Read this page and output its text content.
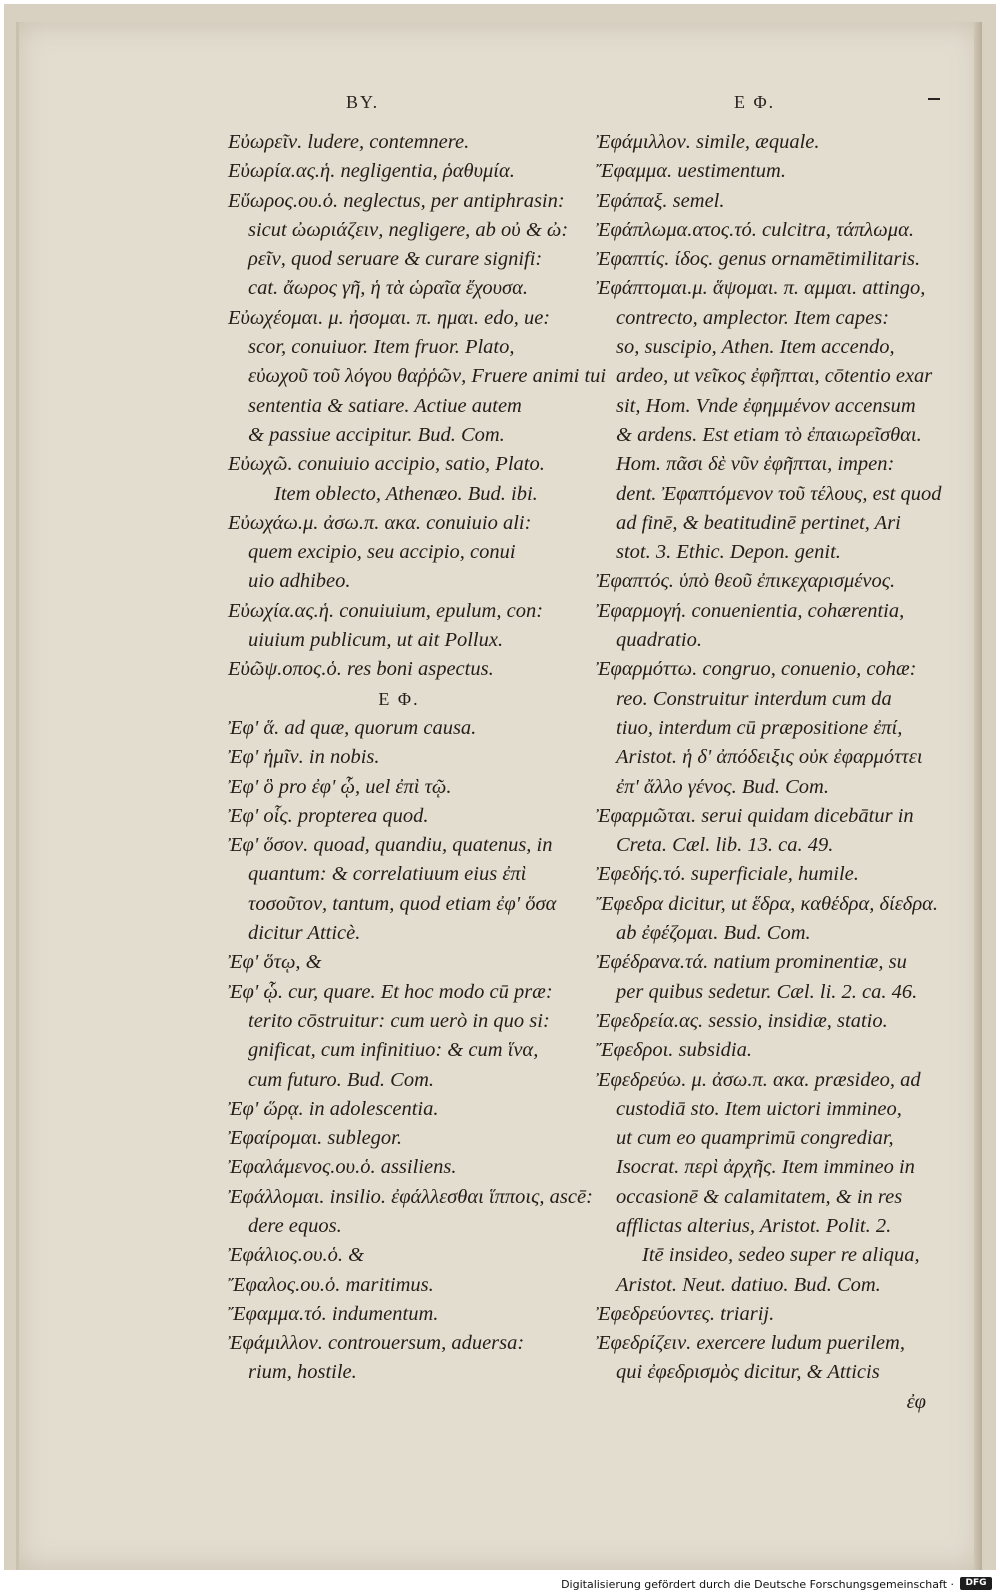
BY.	Ε Φ.
Εὐωρεῖν. ludere, contemnere.
Εὐωρία.ας.ἡ. negligentia, ῥαθυμία.
Εὔωρος.ου.ὁ. neglectus, per antiphrasin:
sicut ὠωριάζειν, negligere, ab οὐ & ὠ:
ρεῖν, quod seruare & curare signifi:
cat. ἄωρος γῆ, ἡ τὰ ὡραῖα ἔχουσα.
Εὐωχέομαι. μ. ἠσομαι. π. ημαι. edo, ue:
scor, conuiuor. Item fruor. Plato,
εὐωχοῦ τοῦ λόγου θαῤῥῶν, Fruere animi tui
sententia & satiare. Actiue autem
& passiue accipitur. Bud. Com.
Εὐωχῶ. conuiuio accipio, satio, Plato.
Item oblecto, Athenæo. Bud. ibi.
Εὐωχάω.μ. ἀσω.π. ακα. conuiuio ali:
quem excipio, seu accipio, conui
uio adhibeo.
Εὐωχία.ας.ἡ. conuiuium, epulum, con:
uiuium publicum, ut ait Pollux.
Εὐῶψ.οπος.ὁ. res boni aspectus.
Ε Φ.
Ἐφ' ἅ. ad quæ, quorum causa.
Ἐφ' ἡμῖν. in nobis.
Ἐφ' ὃ pro ἐφ' ᾧ, uel ἐπὶ τῷ.
Ἐφ' οἷς. propterea quod.
Ἐφ' ὅσον. quoad, quandiu, quatenus, in
quantum: & correlatiuum eius ἐπὶ
τοσοῦτον, tantum, quod etiam ἐφ' ὅσα
dicitur Atticè.
Ἐφ' ὅτῳ, &
Ἐφ' ᾧ. cur, quare. Et hoc modo cū præ:
terito cōstruitur: cum uerò in quo si:
gnificat, cum infinitiuo: & cum ἵνα,
cum futuro. Bud. Com.
Ἐφ' ὥρᾳ. in adolescentia.
Ἐφαίρομαι. sublegor.
Ἐφαλάμενος.ου.ὁ. assiliens.
Ἐφάλλομαι. insilio. ἐφάλλεσθαι ἵπποις, ascē:
dere equos.
Ἐφάλιος.ου.ὁ. &
Ἔφαλος.ου.ὁ. maritimus.
Ἔφαμμα.τό. indumentum.
Ἐφάμιλλον. controuersum, aduersa:
rium, hostile.
Ἐφάμιλλον. simile, æquale.
Ἔφαμμα. uestimentum.
Ἐφάπαξ. semel.
Ἐφάπλωμα.ατος.τό. culcitra, τάπλωμα.
Ἐφαπτίς. ίδος. genus ornamētimilitaris.
Ἐφάπτομαι.μ. ἅψομαι. π. αμμαι. attingo,
contrecto, amplector. Item capes:
so, suscipio, Athen. Item accendo,
ardeo, ut νεῖκος ἐφῆπται, cōtentio exar
sit, Hom. Vnde ἐφημμένον accensum
& ardens. Est etiam τὸ ἐπαιωρεῖσθαι.
Hom. πᾶσι δὲ νῦν ἐφῆπται, impen:
dent. Ἐφαπτόμενον τοῦ τέλους, est quod
ad finē, & beatitudinē pertinet, Ari
stot. 3. Ethic. Depon. genit.
Ἐφαπτός. ὑπὸ θεοῦ ἐπικεχαρισμένος.
Ἐφαρμογή. conuenientia, cohærentia,
quadratio.
Ἐφαρμόττω. congruo, conuenio, cohæ:
reo. Construitur interdum cum da
tiuo, interdum cū præpositione ἐπί,
Aristot. ἡ δ' ἀπόδειξις οὐκ ἐφαρμόττει
ἐπ' ἄλλο γένος. Bud. Com.
Ἐφαρμῶται. serui quidam dicebātur in
Creta. Cæl. lib. 13. ca. 49.
Ἐφεδής.τό. superficiale, humile.
Ἔφεδρα dicitur, ut ἕδρα, καθέδρα, δίεδρα.
ab ἐφέζομαι. Bud. Com.
Ἐφέδρανα.τά. natium prominentiæ, su
per quibus sedetur. Cæl. li. 2. ca. 46.
Ἐφεδρεία.ας. sessio, insidiæ, statio.
Ἔφεδροι. subsidia.
Ἐφεδρεύω. μ. ἀσω.π. ακα. præsideo, ad
custodiā sto. Item uictori immineo,
ut cum eo quamprimū congrediar,
Isocrat. περὶ ἀρχῆς. Item immineo in
occasionē & calamitatem, & in res
afflictas alterius, Aristot. Polit. 2.
Itē insideo, sedeo super re aliqua,
Aristot. Neut. datiuo. Bud. Com.
Ἐφεδρεύοντες. triarij.
Ἐφεδρίζειν. exercere ludum puerilem,
qui ἐφεδρισμὸς dicitur, & Atticis
ἐφ
Digitalisierung gefördert durch die Deutsche Forschungsgemeinschaft ·	DFG
